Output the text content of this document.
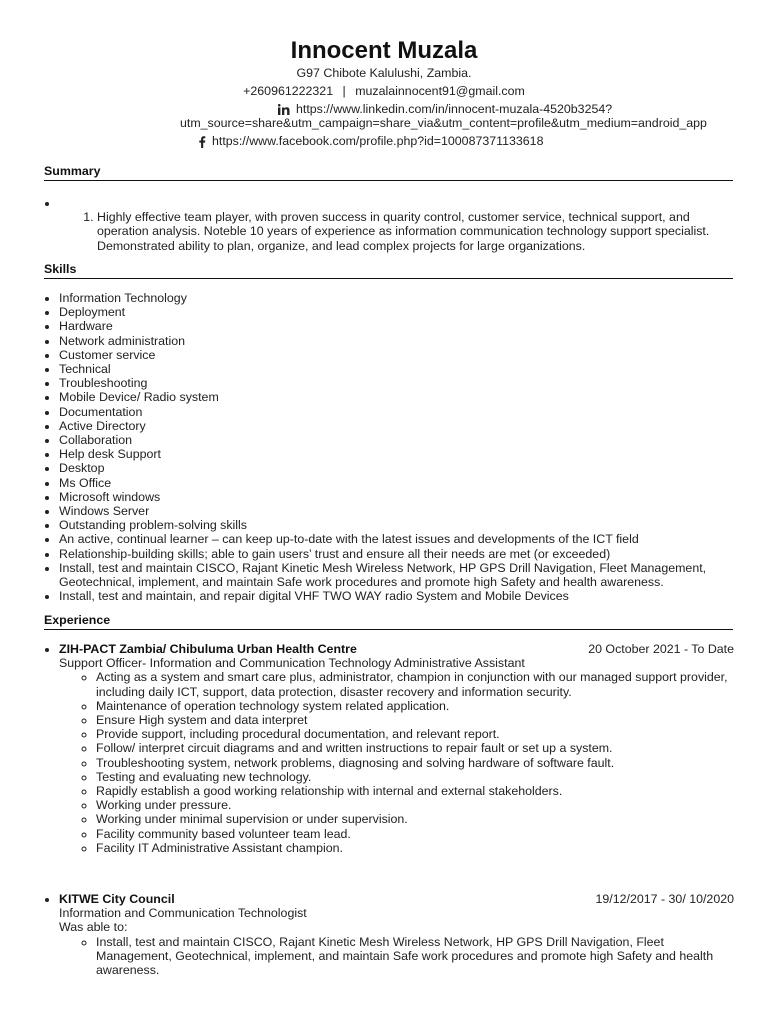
Innocent Muzala
G97 Chibote Kalulushi, Zambia.
+260961222321 | muzalainnocent91@gmail.com
https://www.linkedin.com/in/innocent-muzala-4520b3254?
utm_source=share&utm_campaign=share_via&utm_content=profile&utm_medium=android_app
https://www.facebook.com/profile.php?id=100087371133618
Summary
•
1. Highly effective team player, with proven success in quarity control, customer service, technical support, and operation analysis. Noteble 10 years of experience as information communication technology support specialist. Demonstrated ability to plan, organize, and lead complex projects for large organizations.
Skills
• Information Technology
• Deployment
• Hardware
• Network administration
• Customer service
• Technical
• Troubleshooting
• Mobile Device/ Radio system
• Documentation
• Active Directory
• Collaboration
• Help desk Support
• Desktop
• Ms Office
• Microsoft windows
• Windows Server
• Outstanding problem-solving skills
• An active, continual learner – can keep up-to-date with the latest issues and developments of the ICT field
• Relationship-building skills; able to gain users’ trust and ensure all their needs are met (or exceeded)
• Install, test and maintain CISCO, Rajant Kinetic Mesh Wireless Network, HP GPS Drill Navigation, Fleet Management, Geotechnical, implement, and maintain Safe work procedures and promote high Safety and health awareness.
• Install, test and maintain, and repair digital VHF TWO WAY radio System and Mobile Devices
Experience
• ZIH-PACT Zambia/ Chibuluma Urban Health Centre	20 October 2021 - To Date
Support Officer- Information and Communication Technology Administrative Assistant
◦ Acting as a system and smart care plus, administrator, champion in conjunction with our managed support provider, including daily ICT, support, data protection, disaster recovery and information security.
◦ Maintenance of operation technology system related application.
◦ Ensure High system and data interpret
◦ Provide support, including procedural documentation, and relevant report.
◦ Follow/ interpret circuit diagrams and and written instructions to repair fault or set up a system.
◦ Troubleshooting system, network problems, diagnosing and solving hardware of software fault.
◦ Testing and evaluating new technology.
◦ Rapidly establish a good working relationship with internal and external stakeholders.
◦ Working under pressure.
◦ Working under minimal supervision or under supervision.
◦ Facility community based volunteer team lead.
◦ Facility IT Administrative Assistant champion.
• KITWE City Council	19/12/2017 - 30/ 10/2020
Information and Communication Technologist
Was able to:
◦ Install, test and maintain CISCO, Rajant Kinetic Mesh Wireless Network, HP GPS Drill Navigation, Fleet Management, Geotechnical, implement, and maintain Safe work procedures and promote high Safety and health awareness.
